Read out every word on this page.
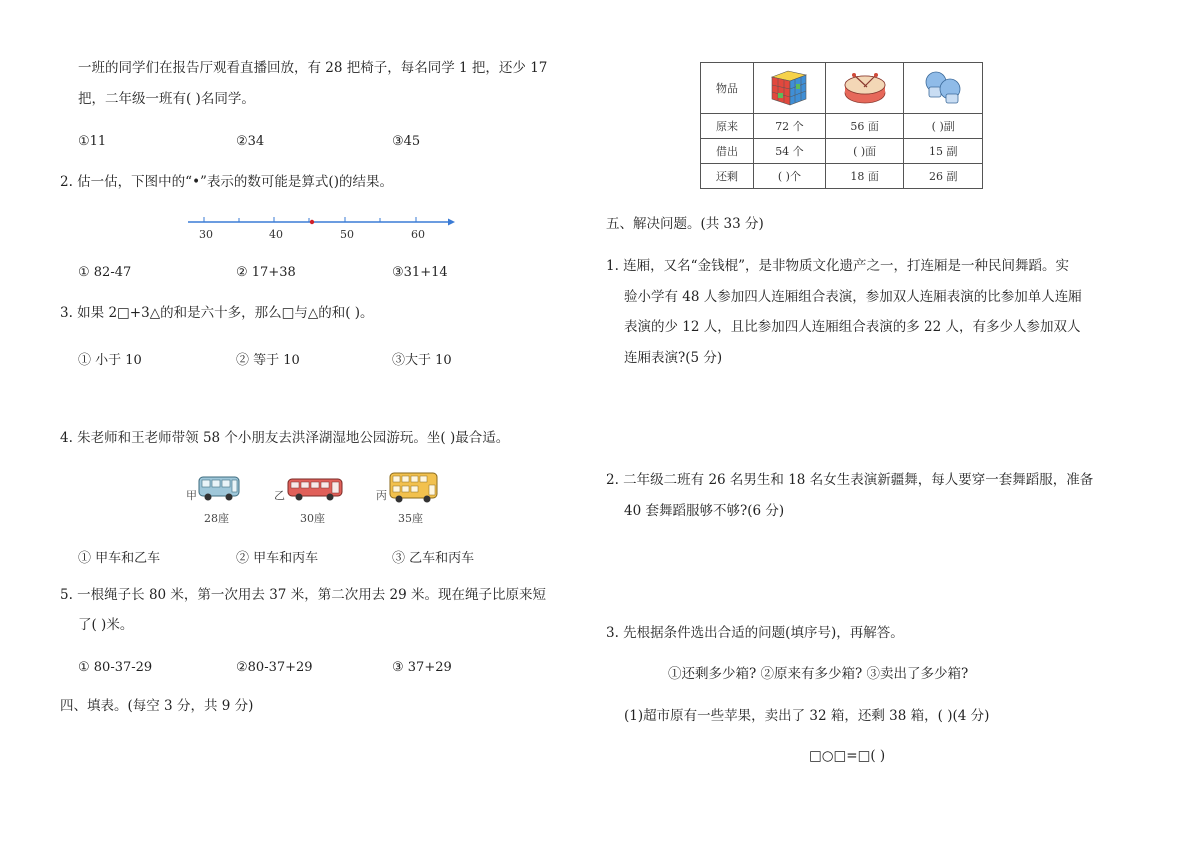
一班的同学们在报告厅观看直播回放，有 28 把椅子，每名同学 1 把，还少 17
把，二年级一班有( )名同学。
①11	②34	③45
2. 估一估，下图中的“•”表示的数可能是算式()的结果。
30	40	50	60
① 82-47	② 17+38	③31+14
3. 如果 2□+3△的和是六十多，那么□与△的和( )。
① 小于 10	② 等于 10	③大于 10
4. 朱老师和王老师带领 58 个小朋友去洪泽湖湿地公园游玩。坐( )最合适。
甲
28座
乙
30座
丙
35座
① 甲车和乙车	② 甲车和丙车	③ 乙车和丙车
5. 一根绳子长 80 米，第一次用去 37 米，第二次用去 29 米。现在绳子比原来短
了( )米。
① 80-37-29	②80-37+29	③ 37+29
四、填表。(每空 3 分，共 9 分)
物品			
原来	72 个	56 面	( )副
借出	54 个	( )面	15 副
还剩	( )个	18 面	26 副
五、解决问题。(共 33 分)
1. 连厢，又名“金钱棍”，是非物质文化遗产之一，打连厢是一种民间舞蹈。实
验小学有 48 人参加四人连厢组合表演，参加双人连厢表演的比参加单人连厢
表演的少 12 人，且比参加四人连厢组合表演的多 22 人，有多少人参加双人
连厢表演?(5 分)
2. 二年级二班有 26 名男生和 18 名女生表演新疆舞，每人要穿一套舞蹈服，准备
40 套舞蹈服够不够?(6 分)
3. 先根据条件选出合适的问题(填序号)，再解答。
①还剩多少箱? ②原来有多少箱? ③卖出了多少箱?
(1)超市原有一些苹果，卖出了 32 箱，还剩 38 箱，( )(4 分)
□○□=□( )
